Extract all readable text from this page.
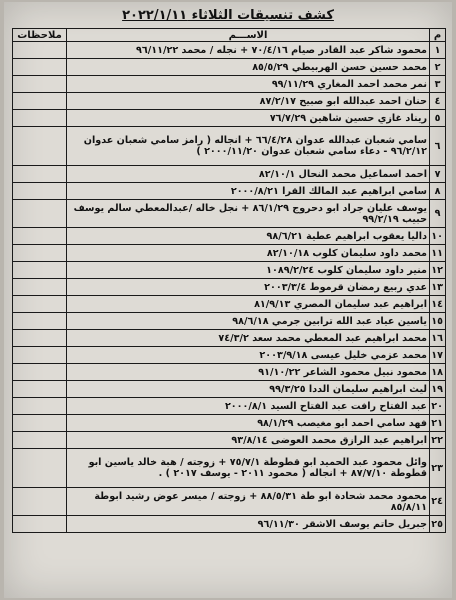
كشف تنسيقات الثلاثاء ٢٠٢٢/١/١١
م	الاســـم	ملاحظات
١	محمود شاكر عبد القادر صيام ٧٠/٤/١٦ + نجله / محمد ٩٦/١١/٢٢	
٢	محمد حسين حسن الهربيطي ٨٥/٥/٢٩	
٣	نمر محمد احمد المغاري ٩٩/١١/٢٩	
٤	حنان احمد عبدالله ابو صبيح ٨٧/٢/١٧	
٥	ريناد غازي حسين شاهين ٧٦/٧/٢٩	
٦	سامي شعبان عبدالله عدوان ٦٦/٤/٢٨ + انجاله ( رامز سامي شعبان عدوان ٩٦/٢/١٢ - دعاء سامي شعبان عدوان ٢٠٠٠/١١/٢٠ )	
٧	احمد اسماعيل محمد النحال ٨٢/١٠/١	
٨	سامي ابراهيم عبد المالك القرا ٢٠٠٠/٨/٢١	
٩	يوسف عليان جراد ابو دحروج ٨٦/١/٢٩ + نجل خاله /عبدالمعطي سالم يوسف حبيب ٩٩/٢/١٩	
١٠	داليا يعقوب ابراهيم عطية ٩٨/٦/٢١	
١١	محمد داود سليمان كلوب ٨٢/١٠/١٨	
١٢	منير داود سليمان كلوب ١٠٨٩/٢/٢٤	
١٣	عدي ربيع رمضان قرموط ٢٠٠٣/٣/٤	
١٤	ابراهيم عبد سليمان المصري ٨١/٩/١٣	
١٥	ياسين عياد عبد الله ترابين جرمي ٩٨/٦/١٨	
١٦	محمد ابراهيم عبد المعطي محمد سعد ٧٤/٣/٢	
١٧	محمد عزمي خليل عيسى ٢٠٠٣/٩/١٨	
١٨	محمود نبيل محمود الشاعر ٩١/١٠/٢٢	
١٩	ليث ابراهيم سليمان الددا ٩٩/٣/٢٥	
٢٠	عبد الفتاح رافت عبد الفتاح السيد ٢٠٠٠/٨/١	
٢١	فهد سامي احمد ابو مغيصب ٩٨/١/٢٩	
٢٢	ابراهيم عبد الرازق محمد العوضى ٩٣/٨/١٤	
٢٣	وائل محمود عبد الحميد ابو قطوطة ٧٥/٧/١ + زوجته / هبة خالد ياسين ابو قطوطة ٨٧/٧/١٠ + انجاله ( محمود ٢٠١١ - يوسف ٢٠١٧ ) .	
٢٤	محمود محمد شحادة ابو طة ٨٨/٥/٣١ + زوجته / ميسر عوض رشيد ابوطة ٨٥/٨/١١	
٢٥	جبريل حاتم يوسف الاشقر ٩٦/١١/٣٠	
